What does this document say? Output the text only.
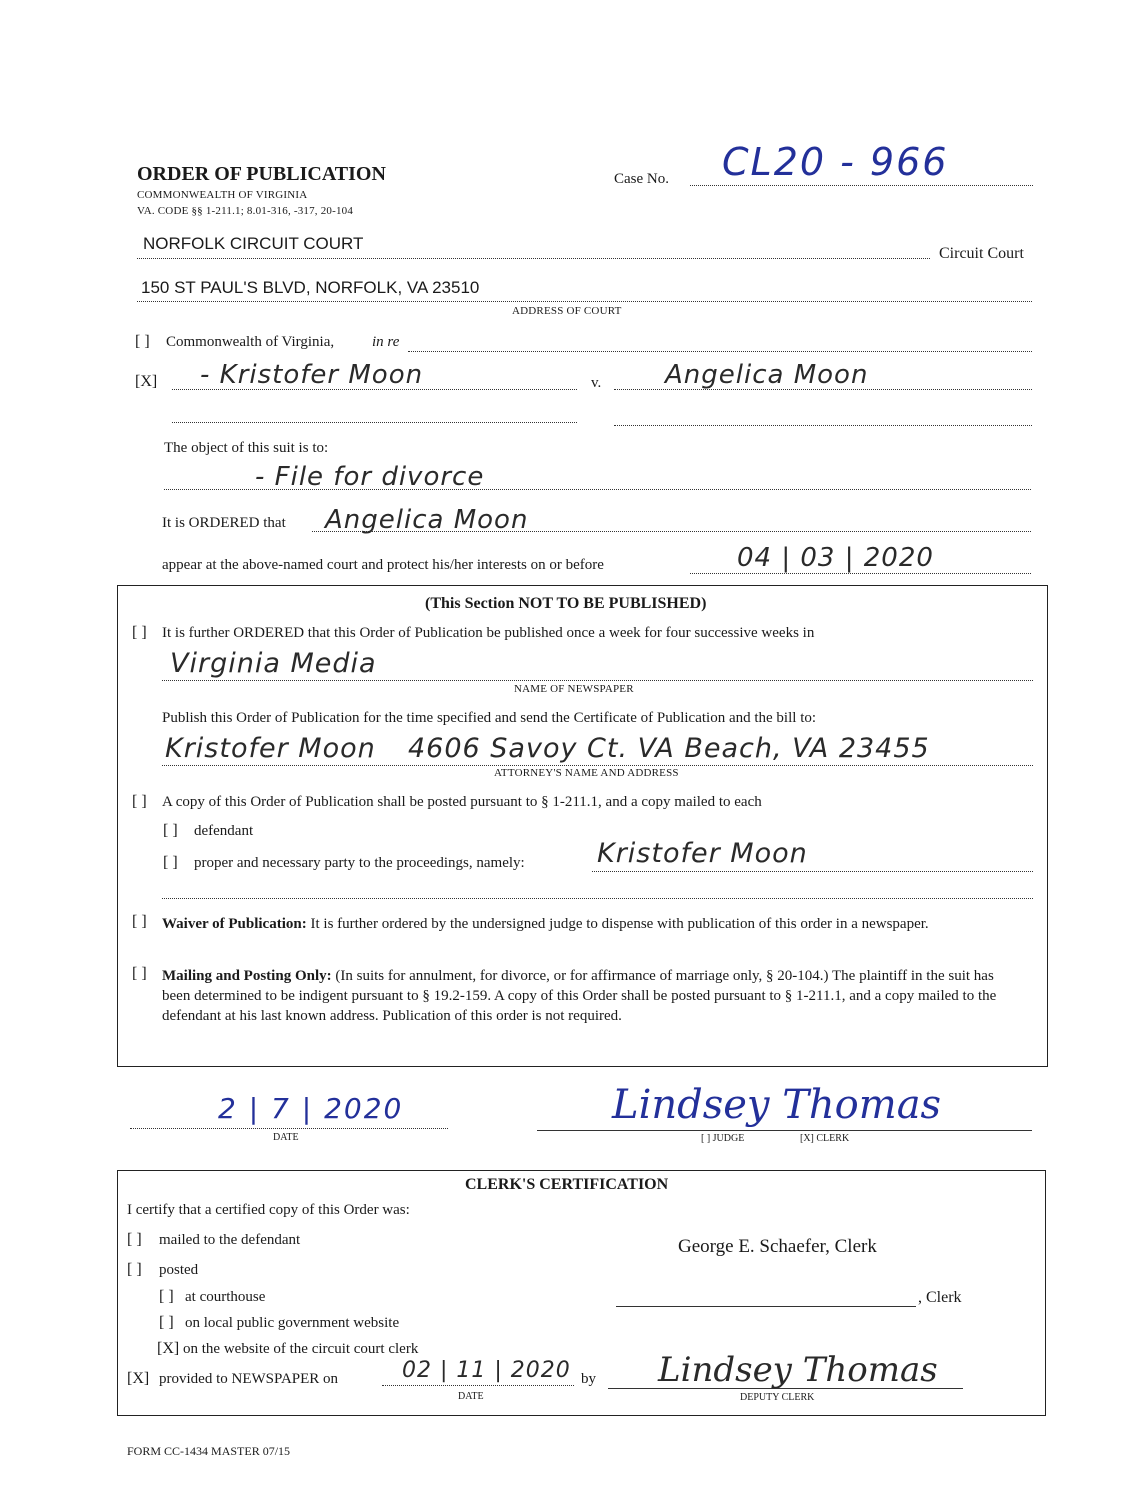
ORDER OF PUBLICATION
COMMONWEALTH OF VIRGINIA
VA. CODE §§ 1-211.1; 8.01-316, -317, 20-104
Case No. CL20 - 966
NORFOLK CIRCUIT COURT
Circuit Court
150 ST PAUL'S BLVD, NORFOLK, VA 23510
ADDRESS OF COURT
[ ] Commonwealth of Virginia,	in re
[X] - Kristofer Moon	v. Angelica Moon
The object of this suit is to:
- File for divorce
It is ORDERED that Angelica Moon
appear at the above-named court and protect his/her interests on or before	04 | 03 | 2020
(This Section NOT TO BE PUBLISHED)
[ ] It is further ORDERED that this Order of Publication be published once a week for four successive weeks in
Virginia Media
NAME OF NEWSPAPER
Publish this Order of Publication for the time specified and send the Certificate of Publication and the bill to:
Kristofer Moon 4606 Savoy Ct. VA Beach, VA 23455
ATTORNEY'S NAME AND ADDRESS
[ ] A copy of this Order of Publication shall be posted pursuant to § 1-211.1, and a copy mailed to each
[ ] defendant
[ ] proper and necessary party to the proceedings, namely:	Kristofer Moon
[ ] Waiver of Publication: It is further ordered by the undersigned judge to dispense with publication of this order in a newspaper.
[ ] Mailing and Posting Only: (In suits for annulment, for divorce, or for affirmance of marriage only, § 20-104.) The plaintiff in the suit has been determined to be indigent pursuant to § 19.2-159. A copy of this Order shall be posted pursuant to § 1-211.1, and a copy mailed to the defendant at his last known address. Publication of this order is not required.
2 | 7 | 2020
DATE
Lindsey Thomas
[ ] JUDGE	[X] CLERK
CLERK'S CERTIFICATION
I certify that a certified copy of this Order was:
[ ] mailed to the defendant	George E. Schaefer, Clerk
[ ] posted
[ ] at courthouse	, Clerk
[ ] on local public government website
[X] on the website of the circuit court clerk
[X] provided to NEWSPAPER on	02 | 11 | 2020
DATE
by Lindsey Thomas
DEPUTY CLERK
FORM CC-1434 MASTER 07/15
